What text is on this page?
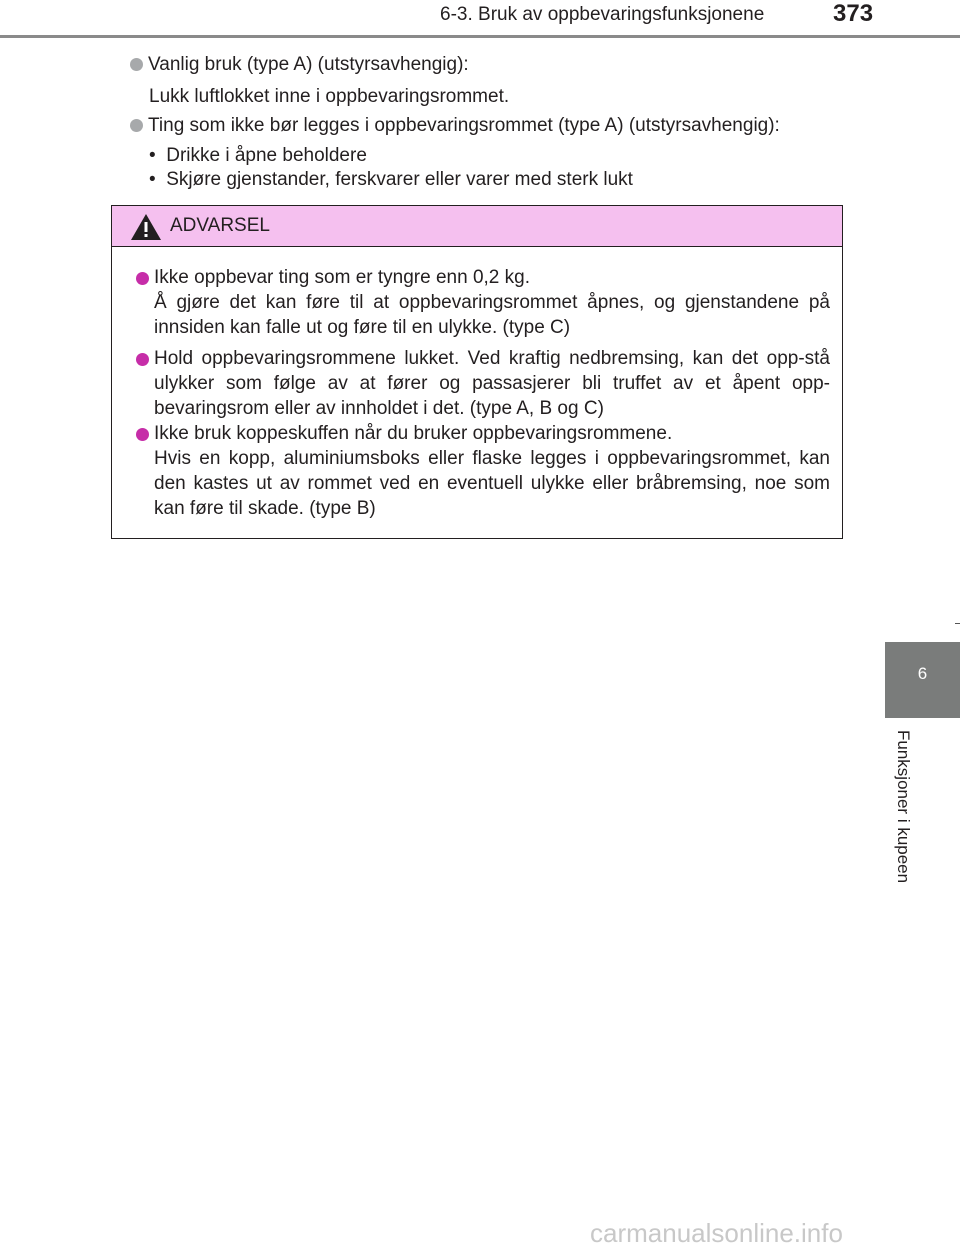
6-3. Bruk av oppbevaringsfunksjonene	373
6
Funksjoner i kupeen
Vanlig bruk (type A) (utstyrsavhengig):
Lukk luftlokket inne i oppbevaringsrommet.
Ting som ikke bør legges i oppbevaringsrommet (type A) (utstyrsavhengig):
•  Drikke i åpne beholdere
•  Skjøre gjenstander, ferskvarer eller varer med sterk lukt
ADVARSEL
Ikke oppbevar ting som er tyngre enn 0,2 kg.
Å gjøre det kan føre til at oppbevaringsrommet åpnes, og gjenstandene på innsiden kan falle ut og føre til en ulykke. (type C)
Hold oppbevaringsrommene lukket. Ved kraftig nedbremsing, kan det opp-stå ulykker som følge av at fører og passasjerer bli truffet av et åpent opp-bevaringsrom eller av innholdet i det. (type A, B og C)
Ikke bruk koppeskuffen når du bruker oppbevaringsrommene.
Hvis en kopp, aluminiumsboks eller flaske legges i oppbevaringsrommet, kan den kastes ut av rommet ved en eventuell ulykke eller bråbremsing, noe som kan føre til skade. (type B)
carmanualsonline.info
